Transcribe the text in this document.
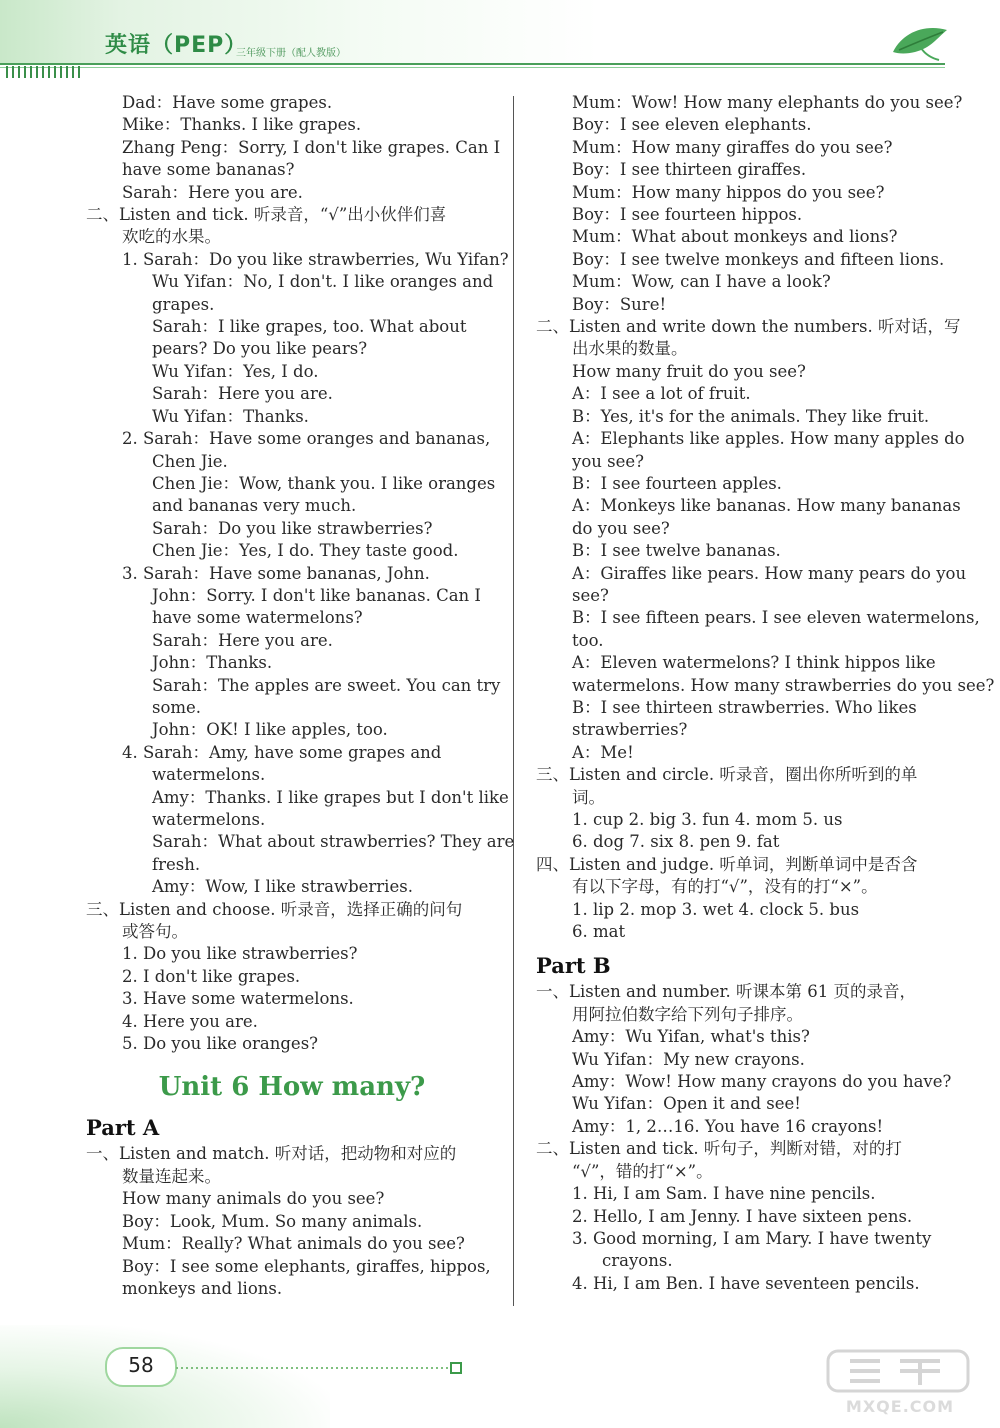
英语（PEP）
三年级下册（配人教版）
Dad：Have some grapes.
Mike：Thanks. I like grapes.
Zhang Peng：Sorry, I don't like grapes. Can I
have some bananas?
Sarah：Here you are.
二、Listen and tick. 听录音，“√”出小伙伴们喜
欢吃的水果。
1. Sarah：Do you like strawberries, Wu Yifan?
Wu Yifan：No, I don't. I like oranges and
grapes.
Sarah：I like grapes, too. What about
pears? Do you like pears?
Wu Yifan：Yes, I do.
Sarah：Here you are.
Wu Yifan：Thanks.
2. Sarah：Have some oranges and bananas,
Chen Jie.
Chen Jie：Wow, thank you. I like oranges
and bananas very much.
Sarah：Do you like strawberries?
Chen Jie：Yes, I do. They taste good.
3. Sarah：Have some bananas, John.
John：Sorry. I don't like bananas. Can I
have some watermelons?
Sarah：Here you are.
John：Thanks.
Sarah：The apples are sweet. You can try
some.
John：OK! I like apples, too.
4. Sarah：Amy, have some grapes and
watermelons.
Amy：Thanks. I like grapes but I don't like
watermelons.
Sarah：What about strawberries? They are
fresh.
Amy：Wow, I like strawberries.
三、Listen and choose. 听录音，选择正确的问句
或答句。
1. Do you like strawberries?
2. I don't like grapes.
3. Have some watermelons.
4. Here you are.
5. Do you like oranges?
Unit 6 How many?
Part A
一、Listen and match. 听对话，把动物和对应的
数量连起来。
How many animals do you see?
Boy：Look, Mum. So many animals.
Mum：Really? What animals do you see?
Boy：I see some elephants, giraffes, hippos,
monkeys and lions.
Mum：Wow! How many elephants do you see?
Boy：I see eleven elephants.
Mum：How many giraffes do you see?
Boy：I see thirteen giraffes.
Mum：How many hippos do you see?
Boy：I see fourteen hippos.
Mum：What about monkeys and lions?
Boy：I see twelve monkeys and fifteen lions.
Mum：Wow, can I have a look?
Boy：Sure!
二、Listen and write down the numbers. 听对话，写
出水果的数量。
How many fruit do you see?
A：I see a lot of fruit.
B：Yes, it's for the animals. They like fruit.
A：Elephants like apples. How many apples do
you see?
B：I see fourteen apples.
A：Monkeys like bananas. How many bananas
do you see?
B：I see twelve bananas.
A：Giraffes like pears. How many pears do you
see?
B：I see fifteen pears. I see eleven watermelons,
too.
A：Eleven watermelons? I think hippos like
watermelons. How many strawberries do you see?
B：I see thirteen strawberries. Who likes
strawberries?
A：Me!
三、Listen and circle. 听录音，圈出你所听到的单
词。
1. cup 2. big 3. fun 4. mom 5. us
6. dog 7. six 8. pen 9. fat
四、Listen and judge. 听单词，判断单词中是否含
有以下字母，有的打“√”，没有的打“×”。
1. lip 2. mop 3. wet 4. clock 5. bus
6. mat
Part B
一、Listen and number. 听课本第 61 页的录音，
用阿拉伯数字给下列句子排序。
Amy：Wu Yifan, what's this?
Wu Yifan：My new crayons.
Amy：Wow! How many crayons do you have?
Wu Yifan：Open it and see!
Amy：1, 2…16. You have 16 crayons!
二、Listen and tick. 听句子，判断对错，对的打
“√”，错的打“×”。
1. Hi, I am Sam. I have nine pencils.
2. Hello, I am Jenny. I have sixteen pens.
3. Good morning, I am Mary. I have twenty
crayons.
4. Hi, I am Ben. I have seventeen pencils.
58
MXQE.COM
